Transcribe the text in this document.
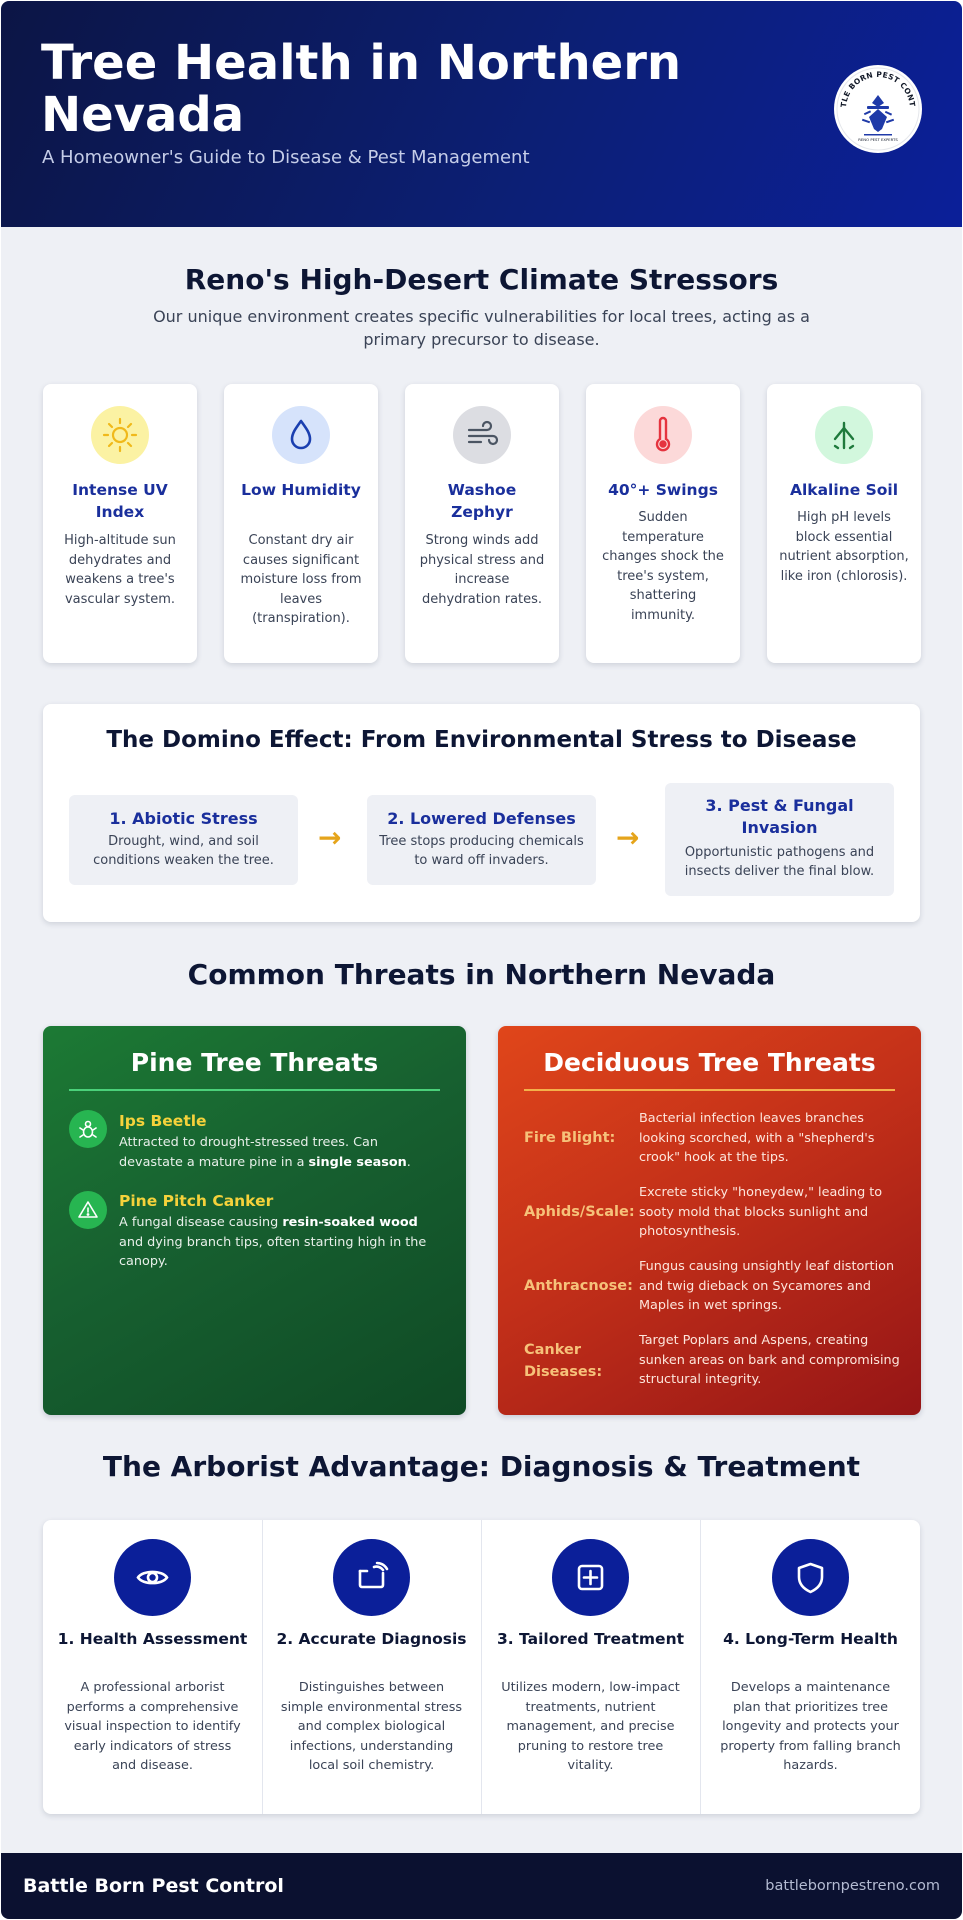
Tree Health in Northern Nevada
A Homeowner's Guide to Disease & Pest Management
TLE BORN PEST CONT
RENO PEST EXPERTS
Reno's High-Desert Climate Stressors
Our unique environment creates specific vulnerabilities for local trees, acting as a primary precursor to disease.
Intense UV Index
High-altitude sun dehydrates and weakens a tree's vascular system.
Low Humidity
Constant dry air causes significant moisture loss from leaves (transpiration).
Washoe Zephyr
Strong winds add physical stress and increase dehydration rates.
40°+ Swings
Sudden temperature changes shock the tree's system, shattering immunity.
Alkaline Soil
High pH levels block essential nutrient absorption, like iron (chlorosis).
The Domino Effect: From Environmental Stress to Disease
1. Abiotic Stress
Drought, wind, and soil conditions weaken the tree.
→
2. Lowered Defenses
Tree stops producing chemicals to ward off invaders.
→
3. Pest & Fungal Invasion
Opportunistic pathogens and insects deliver the final blow.
Common Threats in Northern Nevada
Pine Tree Threats
Ips Beetle
Attracted to drought-stressed trees. Can devastate a mature pine in a single season.
Pine Pitch Canker
A fungal disease causing resin-soaked wood and dying branch tips, often starting high in the canopy.
Deciduous Tree Threats
Fire Blight:
Bacterial infection leaves branches looking scorched, with a "shepherd's crook" hook at the tips.
Aphids/Scale:
Excrete sticky "honeydew," leading to sooty mold that blocks sunlight and photosynthesis.
Anthracnose:
Fungus causing unsightly leaf distortion and twig dieback on Sycamores and Maples in wet springs.
Canker Diseases:
Target Poplars and Aspens, creating sunken areas on bark and compromising structural integrity.
The Arborist Advantage: Diagnosis & Treatment
1. Health Assessment
A professional arborist performs a comprehensive visual inspection to identify early indicators of stress and disease.
2. Accurate Diagnosis
Distinguishes between simple environmental stress and complex biological infections, understanding local soil chemistry.
3. Tailored Treatment
Utilizes modern, low-impact treatments, nutrient management, and precise pruning to restore tree vitality.
4. Long-Term Health
Develops a maintenance plan that prioritizes tree longevity and protects your property from falling branch hazards.
Battle Born Pest Control	battlebornpestreno.com
